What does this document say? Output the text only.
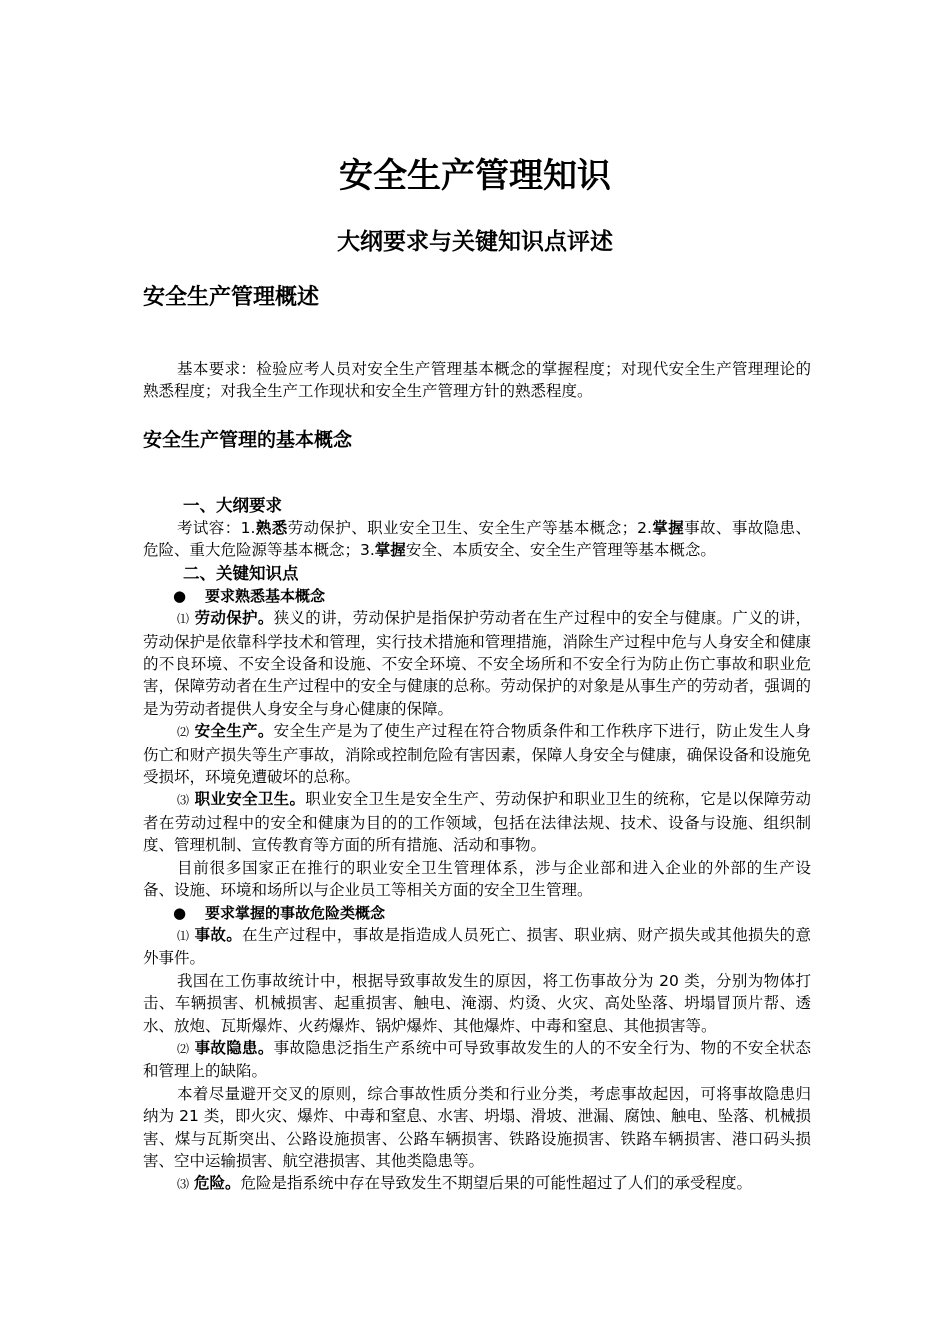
安全生产管理知识
大纲要求与关键知识点评述
安全生产管理概述

基本要求：检验应考人员对安全生产管理基本概念的掌握程度；对现代安全生产管理理论的熟悉程度；对我全生产工作现状和安全生产管理方针的熟悉程度。

安全生产管理的基本概念

一、大纲要求

考试容：1.熟悉劳动保护、职业安全卫生、安全生产等基本概念；2.掌握事故、事故隐患、危险、重大危险源等基本概念；3.掌握安全、本质安全、安全生产管理等基本概念。

二、关键知识点

● 要求熟悉基本概念

⑴ 劳动保护。狭义的讲，劳动保护是指保护劳动者在生产过程中的安全与健康。广义的讲，劳动保护是依靠科学技术和管理，实行技术措施和管理措施，消除生产过程中危与人身安全和健康的不良环境、不安全设备和设施、不安全环境、不安全场所和不安全行为防止伤亡事故和职业危害，保障劳动者在生产过程中的安全与健康的总称。劳动保护的对象是从事生产的劳动者，强调的是为劳动者提供人身安全与身心健康的保障。

⑵ 安全生产。安全生产是为了使生产过程在符合物质条件和工作秩序下进行，防止发生人身伤亡和财产损失等生产事故，消除或控制危险有害因素，保障人身安全与健康，确保设备和设施免受损坏，环境免遭破坏的总称。

⑶ 职业安全卫生。职业安全卫生是安全生产、劳动保护和职业卫生的统称，它是以保障劳动者在劳动过程中的安全和健康为目的的工作领域，包括在法律法规、技术、设备与设施、组织制度、管理机制、宣传教育等方面的所有措施、活动和事物。

目前很多国家正在推行的职业安全卫生管理体系，涉与企业部和进入企业的外部的生产设备、设施、环境和场所以与企业员工等相关方面的安全卫生管理。

● 要求掌握的事故危险类概念

⑴ 事故。在生产过程中，事故是指造成人员死亡、损害、职业病、财产损失或其他损失的意外事件。

我国在工伤事故统计中，根据导致事故发生的原因，将工伤事故分为 20 类，分别为物体打击、车辆损害、机械损害、起重损害、触电、淹溺、灼烫、火灾、高处坠落、坍塌冒顶片帮、透水、放炮、瓦斯爆炸、火药爆炸、锅炉爆炸、其他爆炸、中毒和窒息、其他损害等。

⑵ 事故隐患。事故隐患泛指生产系统中可导致事故发生的人的不安全行为、物的不安全状态和管理上的缺陷。

本着尽量避开交叉的原则，综合事故性质分类和行业分类，考虑事故起因，可将事故隐患归纳为 21 类，即火灾、爆炸、中毒和窒息、水害、坍塌、滑坡、泄漏、腐蚀、触电、坠落、机械损害、煤与瓦斯突出、公路设施损害、公路车辆损害、铁路设施损害、铁路车辆损害、港口码头损害、空中运输损害、航空港损害、其他类隐患等。

⑶ 危险。危险是指系统中存在导致发生不期望后果的可能性超过了人们的承受程度。
